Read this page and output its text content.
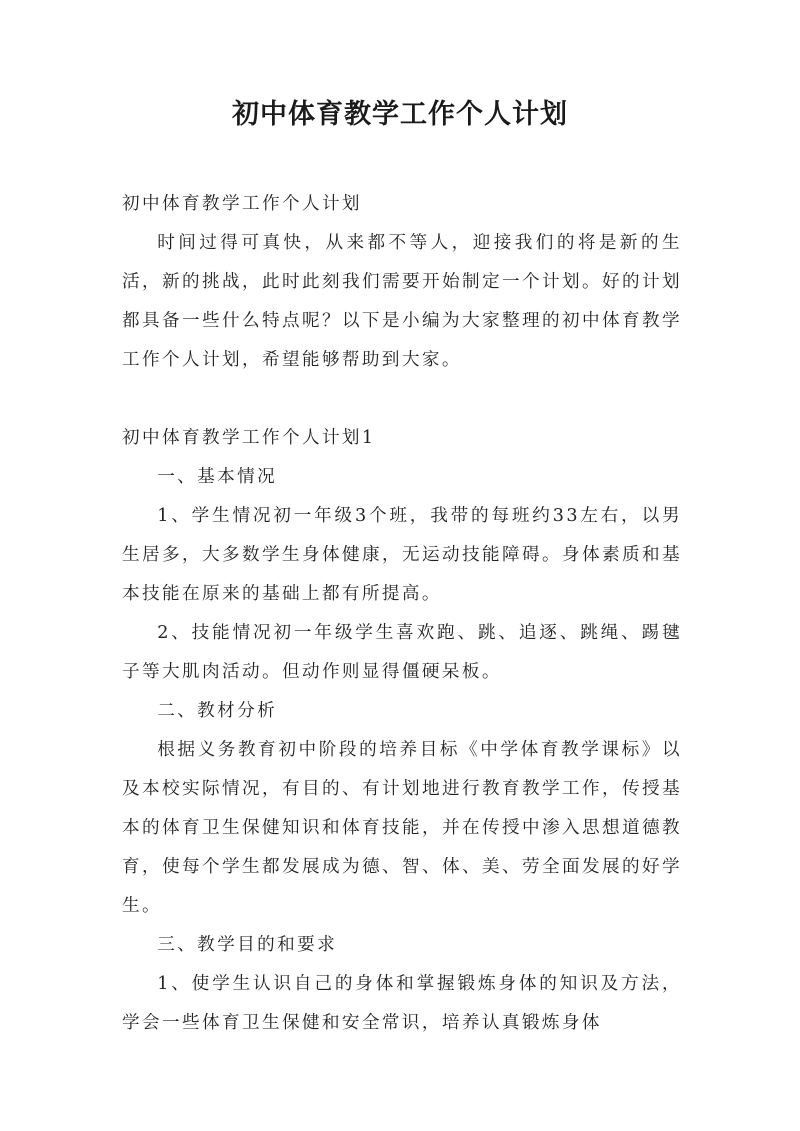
初中体育教学工作个人计划

初中体育教学工作个人计划

时间过得可真快，从来都不等人，迎接我们的将是新的生活，新的挑战，此时此刻我们需要开始制定一个计划。好的计划都具备一些什么特点呢？以下是小编为大家整理的初中体育教学工作个人计划，希望能够帮助到大家。

初中体育教学工作个人计划1

一、基本情况

1、学生情况初一年级3个班，我带的每班约33左右，以男生居多，大多数学生身体健康，无运动技能障碍。身体素质和基本技能在原来的基础上都有所提高。

2、技能情况初一年级学生喜欢跑、跳、追逐、跳绳、踢毽子等大肌肉活动。但动作则显得僵硬呆板。

二、教材分析

根据义务教育初中阶段的培养目标《中学体育教学课标》以及本校实际情况，有目的、有计划地进行教育教学工作，传授基本的体育卫生保健知识和体育技能，并在传授中渗入思想道德教育，使每个学生都发展成为德、智、体、美、劳全面发展的好学生。

三、教学目的和要求

1、使学生认识自己的身体和掌握锻炼身体的知识及方法，学会一些体育卫生保健和安全常识，培养认真锻炼身体
